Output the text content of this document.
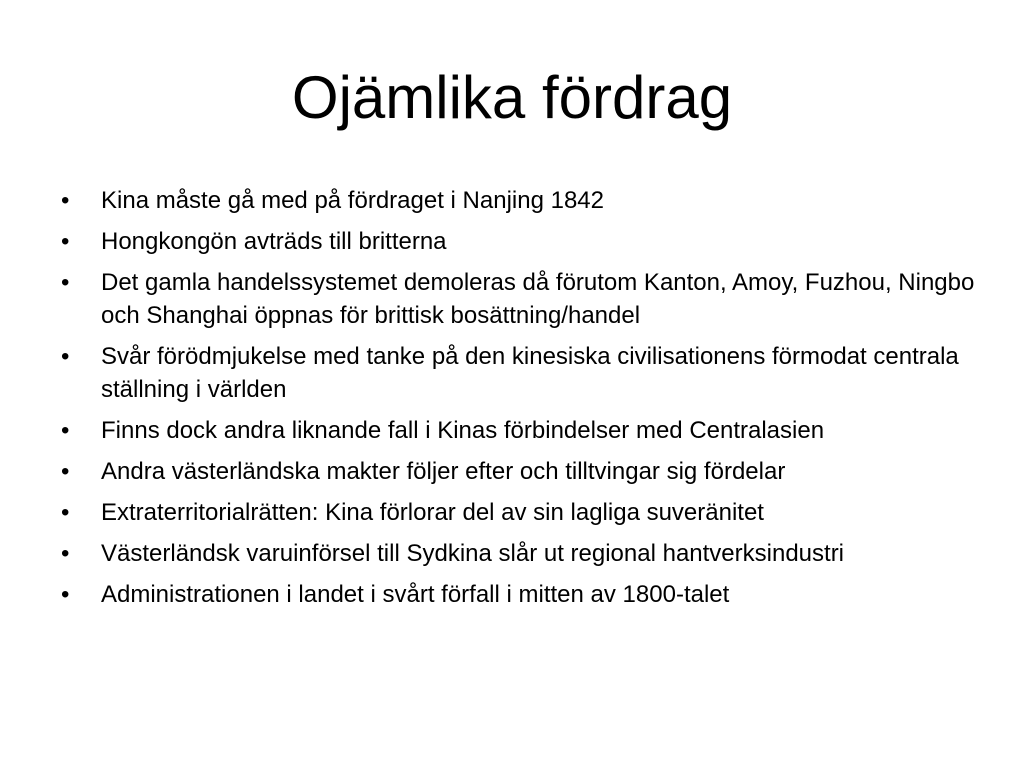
Ojämlika fördrag
• Kina måste gå med på fördraget i Nanjing 1842
• Hongkongön avträds till britterna
• Det gamla handelssystemet demoleras då förutom Kanton, Amoy, Fuzhou, Ningbo och Shanghai öppnas för brittisk bosättning/handel
• Svår förödmjukelse med tanke på den kinesiska civilisationens förmodat centrala ställning i världen
• Finns dock andra liknande fall i Kinas förbindelser med Centralasien
• Andra västerländska makter följer efter och tilltvingar sig fördelar
• Extraterritorialrätten: Kina förlorar del av sin lagliga suveränitet
• Västerländsk varuinförsel till Sydkina slår ut regional hantverksindustri
• Administrationen i landet i svårt förfall i mitten av 1800-talet
